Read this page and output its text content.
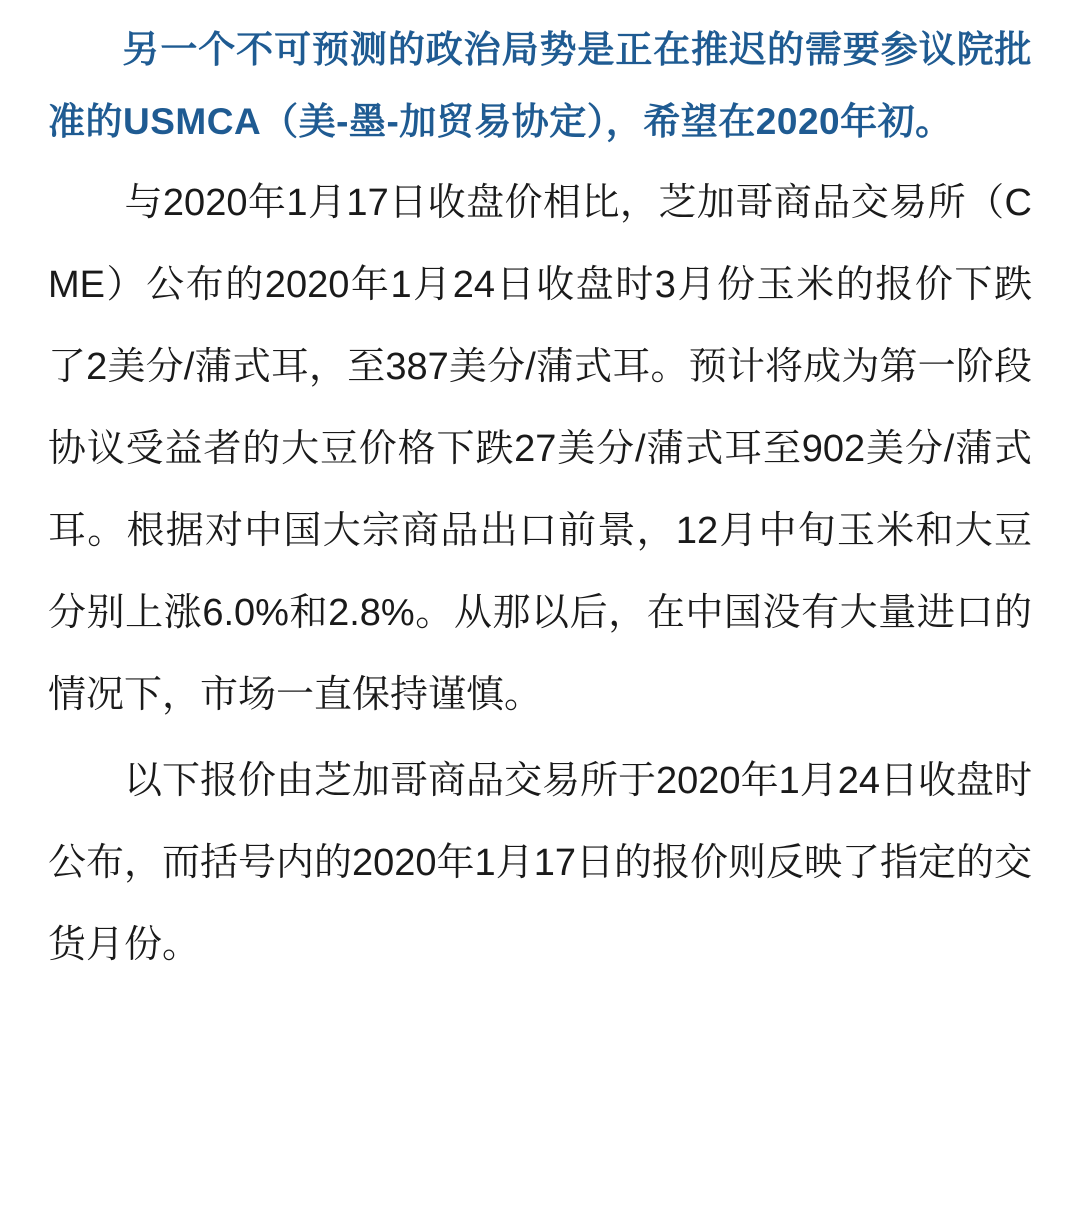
另一个不可预测的政治局势是正在推迟的需要参议院批准的USMCA（美-墨-加贸易协定），希望在2020年初。

与2020年1月17日收盘价相比，芝加哥商品交易所（CME）公布的2020年1月24日收盘时3月份玉米的报价下跌了2美分/蒲式耳，至387美分/蒲式耳。预计将成为第一阶段协议受益者的大豆价格下跌27美分/蒲式耳至902美分/蒲式耳。根据对中国大宗商品出口前景，12月中旬玉米和大豆分别上涨6.0%和2.8%。从那以后，在中国没有大量进口的情况下，市场一直保持谨慎。

以下报价由芝加哥商品交易所于2020年1月24日收盘时公布，而括号内的2020年1月17日的报价则反映了指定的交货月份。
